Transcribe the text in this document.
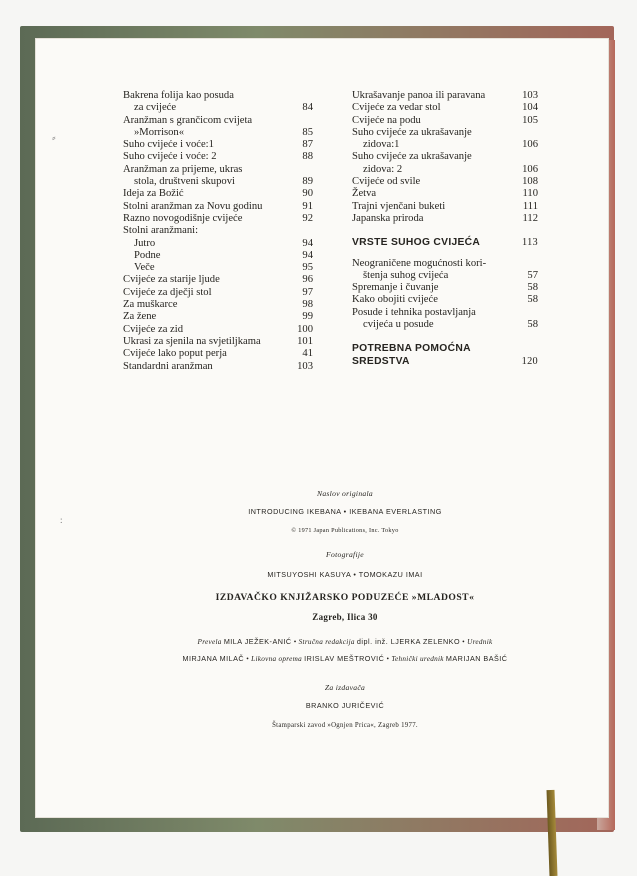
⸗
:
Bakrena folija kao posuda
za cvijeće	84
Aranžman s grančicom cvijeta
»Morrison«	85
Suho cvijeće i voće:1	87
Suho cvijeće i voće: 2	88
Aranžman za prijeme, ukras
stola, društveni skupovi	89
Ideja za Božić	90
Stolni aranžman za Novu godinu	91
Razno novogodišnje cvijeće	92
Stolni aranžmani:
Jutro	94
Podne	94
Veče	95
Cvijeće za starije ljude	96
Cvijeće za dječji stol	97
Za muškarce	98
Za žene	99
Cvijeće za zid	100
Ukrasi za sjenila na svjetiljkama	101
Cvijeće lako poput perja	41
Standardni aranžman	103
Ukrašavanje panoa ili paravana	103
Cvijeće za vedar stol	104
Cvijeće na podu	105
Suho cvijeće za ukrašavanje
zidova:1	106
Suho cvijeće za ukrašavanje
zidova: 2	106
Cvijeće od svile	108
Žetva	110
Trajni vjenčani buketi	111
Japanska priroda	112
VRSTE SUHOG CVIJEĆA	113
Neograničene mogućnosti kori-
štenja suhog cvijeća	57
Spremanje i čuvanje	58
Kako obojiti cvijeće	58
Posude i tehnika postavljanja
cvijeća u posude	58
POTREBNA POMOĆNA
SREDSTVA	120
Naslov originala
INTRODUCING IKEBANA • IKEBANA EVERLASTING
© 1971 Japan Publications, Inc. Tokyo
Fotografije
MITSUYOSHI KASUYA • TOMOKAZU IMAI
IZDAVAČKO KNJIŽARSKO PODUZEĆE »MLADOST«
Zagreb, Ilica 30
Prevela MILA JEŽEK-ANIĆ • Stručna redakcija dipl. inž. LJERKA ZELENKO • Urednik
MIRJANA MILAČ • Likovna oprema IRISLAV MEŠTROVIĆ • Tehnički urednik MARIJAN BAŠIĆ
Za izdavača
BRANKO JURIČEVIĆ
Štamparski zavod »Ognjen Prica«, Zagreb 1977.
